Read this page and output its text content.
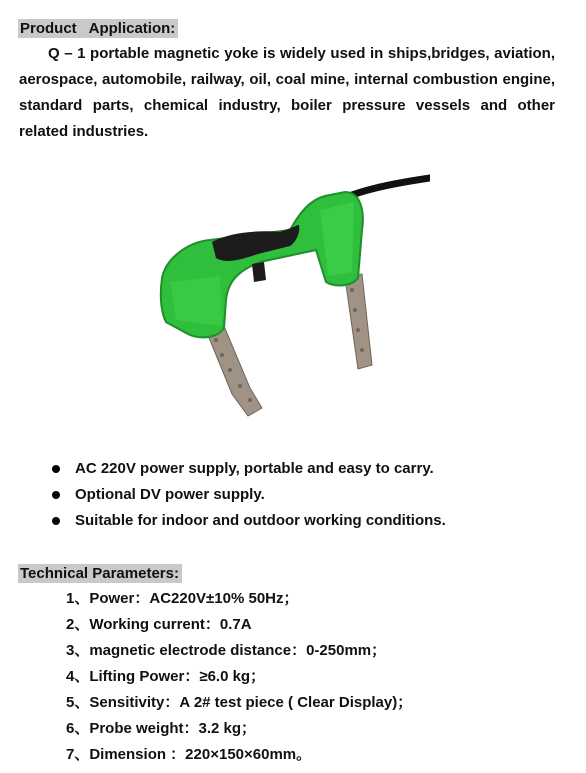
Product   Application:
Q – 1 portable magnetic yoke is widely used in ships,bridges, aviation, aerospace, automobile, railway, oil, coal mine, internal combustion engine, standard parts, chemical industry, boiler pressure vessels and other related industries.
AC 220V power supply, portable and easy to carry.
Optional DV power supply.
Suitable for indoor and outdoor working conditions.
Technical Parameters:
1、Power：AC220V±10% 50Hz；
2、Working current：0.7A
3、magnetic electrode distance：0-250mm；
4、Lifting Power：≥6.0 kg；
5、Sensitivity：A 2# test piece ( Clear Display)；
6、Probe weight：3.2 kg；
7、Dimension ：220×150×60mm。
